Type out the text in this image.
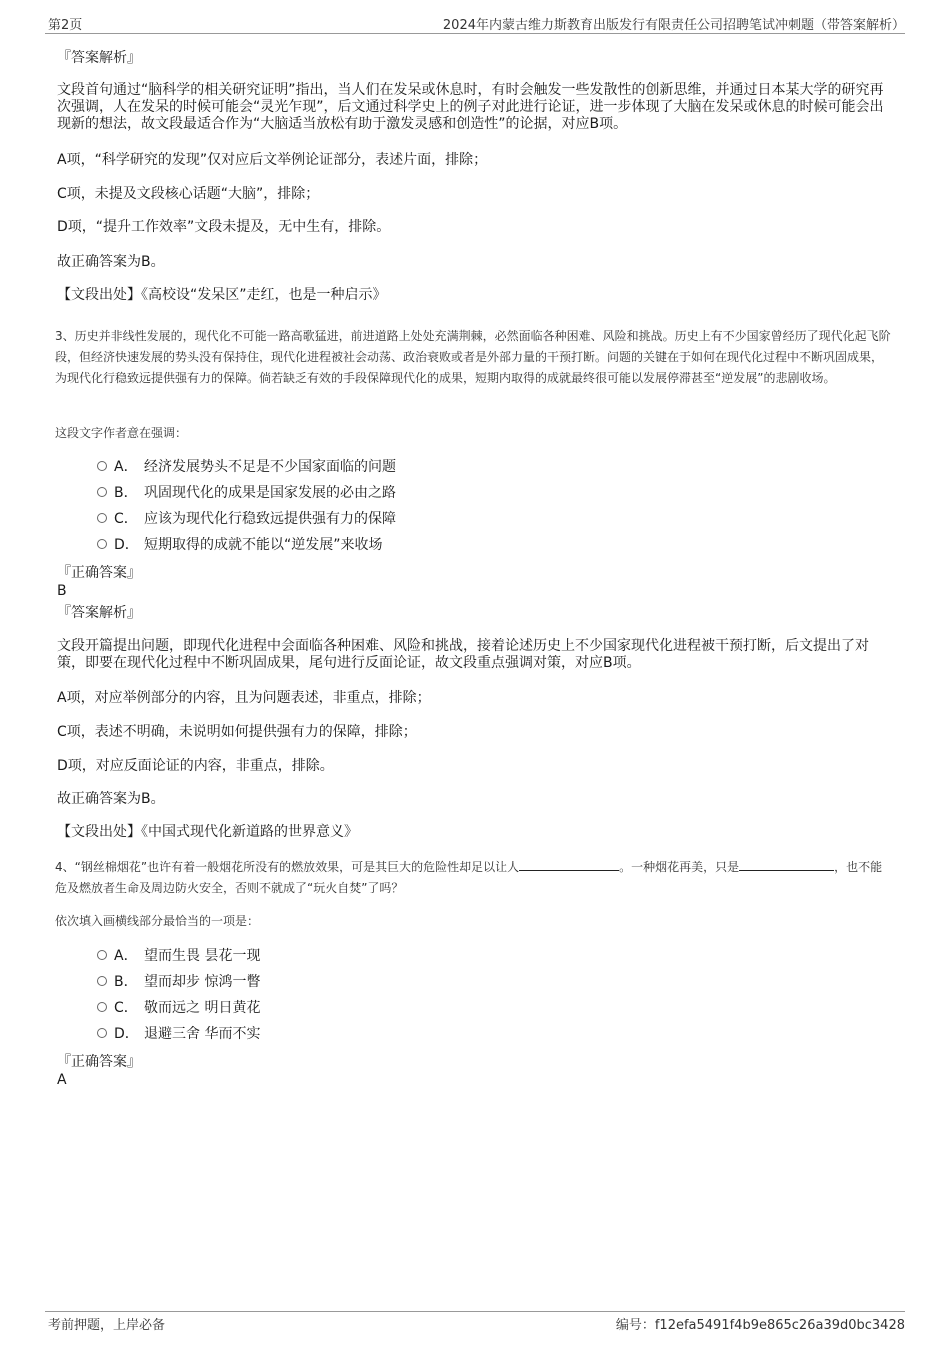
第2页	2024年内蒙古维力斯教育出版发行有限责任公司招聘笔试冲刺题（带答案解析）

『答案解析』

文段首句通过“脑科学的相关研究证明”指出，当人们在发呆或休息时，有时会触发一些发散性的创新思维，并通过日本某大学的研究再次强调，人在发呆的时候可能会“灵光乍现”，后文通过科学史上的例子对此进行论证，进一步体现了大脑在发呆或休息的时候可能会出现新的想法，故文段最适合作为“大脑适当放松有助于激发灵感和创造性”的论据，对应B项。

A项，“科学研究的发现”仅对应后文举例论证部分，表述片面，排除；

C项，未提及文段核心话题“大脑”，排除；

D项，“提升工作效率”文段未提及，无中生有，排除。

故正确答案为B。

【文段出处】《高校设“发呆区”走红，也是一种启示》

3、历史并非线性发展的，现代化不可能一路高歌猛进，前进道路上处处充满荆棘，必然面临各种困难、风险和挑战。历史上有不少国家曾经历了现代化起飞阶段，但经济快速发展的势头没有保持住，现代化进程被社会动荡、政治衰败或者是外部力量的干预打断。问题的关键在于如何在现代化过程中不断巩固成果，为现代化行稳致远提供强有力的保障。倘若缺乏有效的手段保障现代化的成果，短期内取得的成就最终很可能以发展停滞甚至“逆发展”的悲剧收场。

这段文字作者意在强调：

A． 经济发展势头不足是不少国家面临的问题
B． 巩固现代化的成果是国家发展的必由之路
C． 应该为现代化行稳致远提供强有力的保障
D． 短期取得的成就不能以“逆发展”来收场

『正确答案』

B

『答案解析』

文段开篇提出问题，即现代化进程中会面临各种困难、风险和挑战，接着论述历史上不少国家现代化进程被干预打断，后文提出了对策，即要在现代化过程中不断巩固成果，尾句进行反面论证，故文段重点强调对策，对应B项。

A项，对应举例部分的内容，且为问题表述，非重点，排除；

C项，表述不明确，未说明如何提供强有力的保障，排除；

D项，对应反面论证的内容，非重点，排除。

故正确答案为B。

【文段出处】《中国式现代化新道路的世界意义》

4、“钢丝棉烟花”也许有着一般烟花所没有的燃放效果，可是其巨大的危险性却足以让人	。一种烟花再美，只是	，也不能危及燃放者生命及周边防火安全，否则不就成了“玩火自焚”了吗？

依次填入画横线部分最恰当的一项是：

A． 望而生畏 昙花一现
B． 望而却步 惊鸿一瞥
C． 敬而远之 明日黄花
D． 退避三舍 华而不实

『正确答案』

A

考前押题，上岸必备	编号：f12efa5491f4b9e865c26a39d0bc3428
